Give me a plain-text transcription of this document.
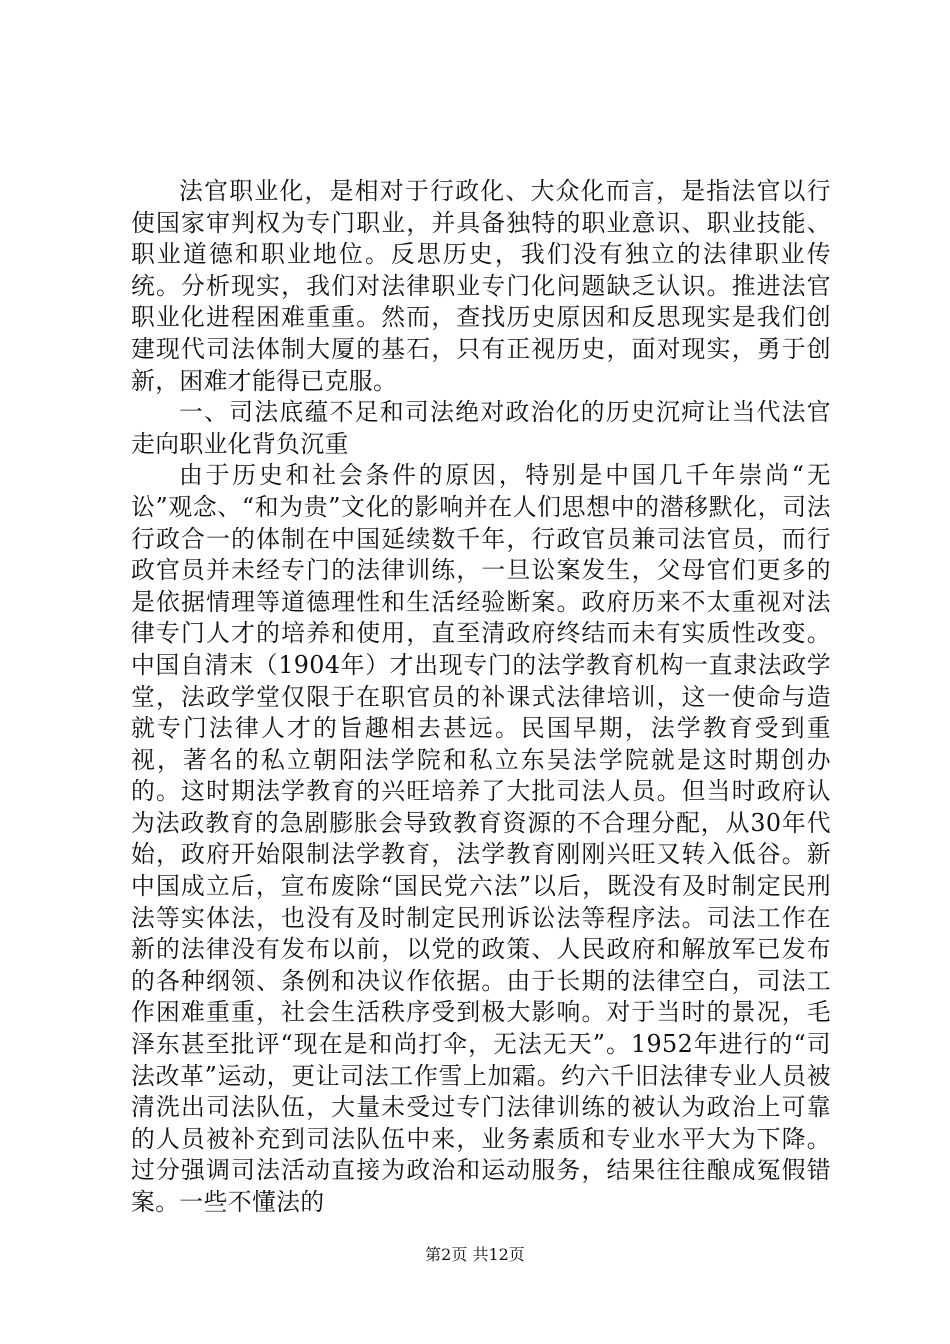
法官职业化，是相对于行政化、大众化而言，是指法官以行使国家审判权为专门职业，并具备独特的职业意识、职业技能、职业道德和职业地位。反思历史，我们没有独立的法律职业传统。分析现实，我们对法律职业专门化问题缺乏认识。推进法官职业化进程困难重重。然而，查找历史原因和反思现实是我们创建现代司法体制大厦的基石，只有正视历史，面对现实，勇于创新，困难才能得已克服。

一、司法底蕴不足和司法绝对政治化的历史沉疴让当代法官走向职业化背负沉重

由于历史和社会条件的原因，特别是中国几千年崇尚“无讼”观念、“和为贵”文化的影响并在人们思想中的潜移默化，司法行政合一的体制在中国延续数千年，行政官员兼司法官员，而行政官员并未经专门的法律训练，一旦讼案发生，父母官们更多的是依据情理等道德理性和生活经验断案。政府历来不太重视对法律专门人才的培养和使用，直至清政府终结而未有实质性改变。中国自清末（1904年）才出现专门的法学教育机构一直隶法政学堂，法政学堂仅限于在职官员的补课式法律培训，这一使命与造就专门法律人才的旨趣相去甚远。民国早期，法学教育受到重视，著名的私立朝阳法学院和私立东吴法学院就是这时期创办的。这时期法学教育的兴旺培养了大批司法人员。但当时政府认为法政教育的急剧膨胀会导致教育资源的不合理分配，从30年代始，政府开始限制法学教育，法学教育刚刚兴旺又转入低谷。新中国成立后，宣布废除“国民党六法”以后，既没有及时制定民刑法等实体法，也没有及时制定民刑诉讼法等程序法。司法工作在新的法律没有发布以前，以党的政策、人民政府和解放军已发布的各种纲领、条例和决议作依据。由于长期的法律空白，司法工作困难重重，社会生活秩序受到极大影响。对于当时的景况，毛泽东甚至批评“现在是和尚打伞，无法无天”。1952年进行的“司法改革”运动，更让司法工作雪上加霜。约六千旧法律专业人员被清洗出司法队伍，大量未受过专门法律训练的被认为政治上可靠的人员被补充到司法队伍中来，业务素质和专业水平大为下降。过分强调司法活动直接为政治和运动服务，结果往往酿成冤假错案。一些不懂法的

第2页 共12页
